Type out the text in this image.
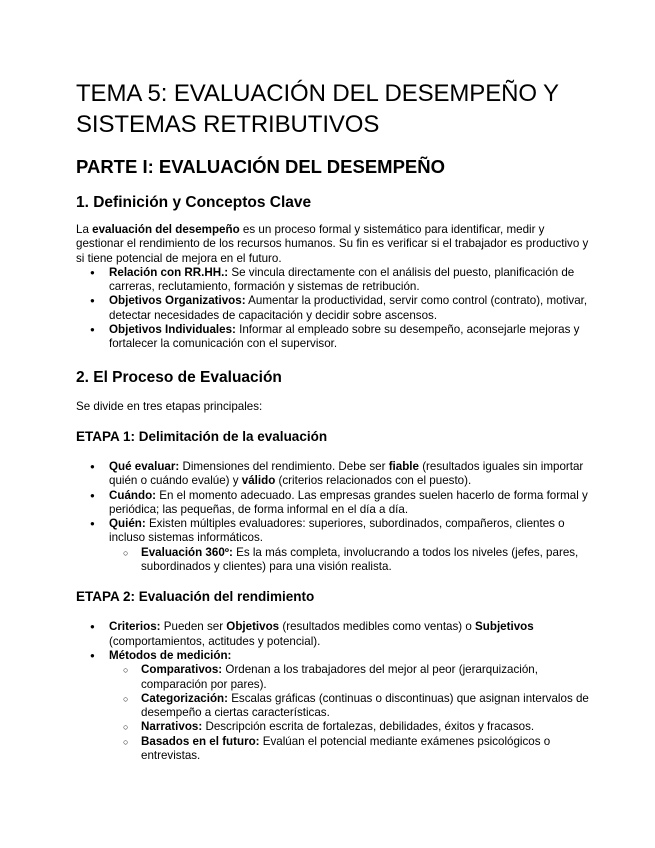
TEMA 5: EVALUACIÓN DEL DESEMPEÑO Y SISTEMAS RETRIBUTIVOS
PARTE I: EVALUACIÓN DEL DESEMPEÑO
1. Definición y Conceptos Clave

La evaluación del desempeño es un proceso formal y sistemático para identificar, medir y gestionar el rendimiento de los recursos humanos. Su fin es verificar si el trabajador es productivo y si tiene potencial de mejora en el futuro.

● Relación con RR.HH.: Se vincula directamente con el análisis del puesto, planificación de carreras, reclutamiento, formación y sistemas de retribución.
● Objetivos Organizativos: Aumentar la productividad, servir como control (contrato), motivar, detectar necesidades de capacitación y decidir sobre ascensos.
● Objetivos Individuales: Informar al empleado sobre su desempeño, aconsejarle mejoras y fortalecer la comunicación con el supervisor.
2. El Proceso de Evaluación

Se divide en tres etapas principales:

ETAPA 1: Delimitación de la evaluación
● Qué evaluar: Dimensiones del rendimiento. Debe ser fiable (resultados iguales sin importar quién o cuándo evalúe) y válido (criterios relacionados con el puesto).
● Cuándo: En el momento adecuado. Las empresas grandes suelen hacerlo de forma formal y periódica; las pequeñas, de forma informal en el día a día.
● Quién: Existen múltiples evaluadores: superiores, subordinados, compañeros, clientes o incluso sistemas informáticos.
○ Evaluación 360º: Es la más completa, involucrando a todos los niveles (jefes, pares, subordinados y clientes) para una visión realista.
ETAPA 2: Evaluación del rendimiento
● Criterios: Pueden ser Objetivos (resultados medibles como ventas) o Subjetivos (comportamientos, actitudes y potencial).
● Métodos de medición:
○ Comparativos: Ordenan a los trabajadores del mejor al peor (jerarquización, comparación por pares).
○ Categorización: Escalas gráficas (continuas o discontinuas) que asignan intervalos de desempeño a ciertas características.
○ Narrativos: Descripción escrita de fortalezas, debilidades, éxitos y fracasos.
○ Basados en el futuro: Evalúan el potencial mediante exámenes psicológicos o entrevistas.
